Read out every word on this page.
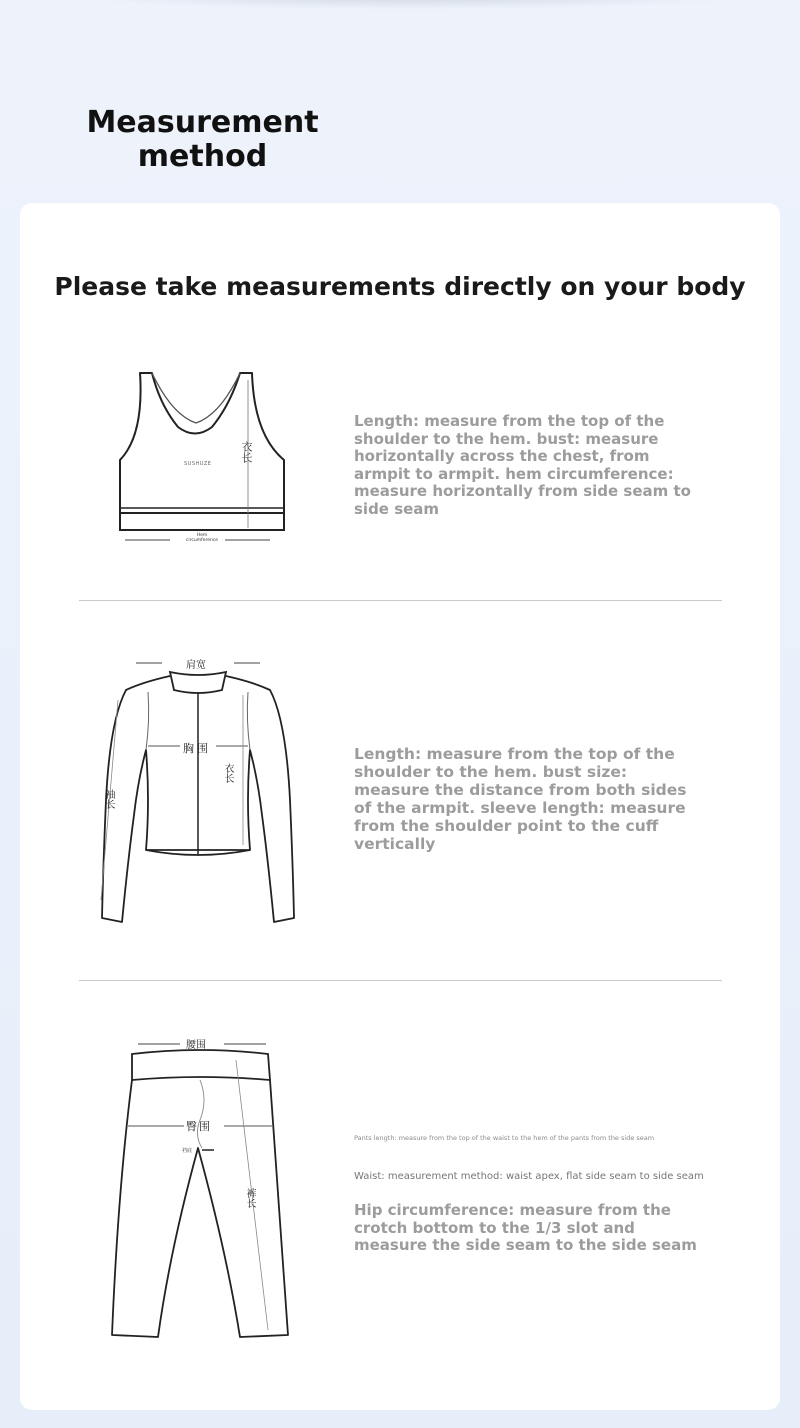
Measurement method
Please take measurements directly on your body
衣长
SUSHUZE
Hem circumference
Length: measure from the top of the shoulder to the hem. bust: measure horizontally across the chest, from armpit to armpit. hem circumference: measure horizontally from side seam to side seam
肩宽
胸围
衣长
袖长
Length: measure from the top of the shoulder to the hem. bust size: measure the distance from both sides of the armpit. sleeve length: measure from the shoulder point to the cuff vertically
腰围
臀围
裆底
裤长
Pants length: measure from the top of the waist to the hem of the pants from the side seam
Waist: measurement method: waist apex, flat side seam to side seam
Hip circumference: measure from the crotch bottom to the 1/3 slot and measure the side seam to the side seam
